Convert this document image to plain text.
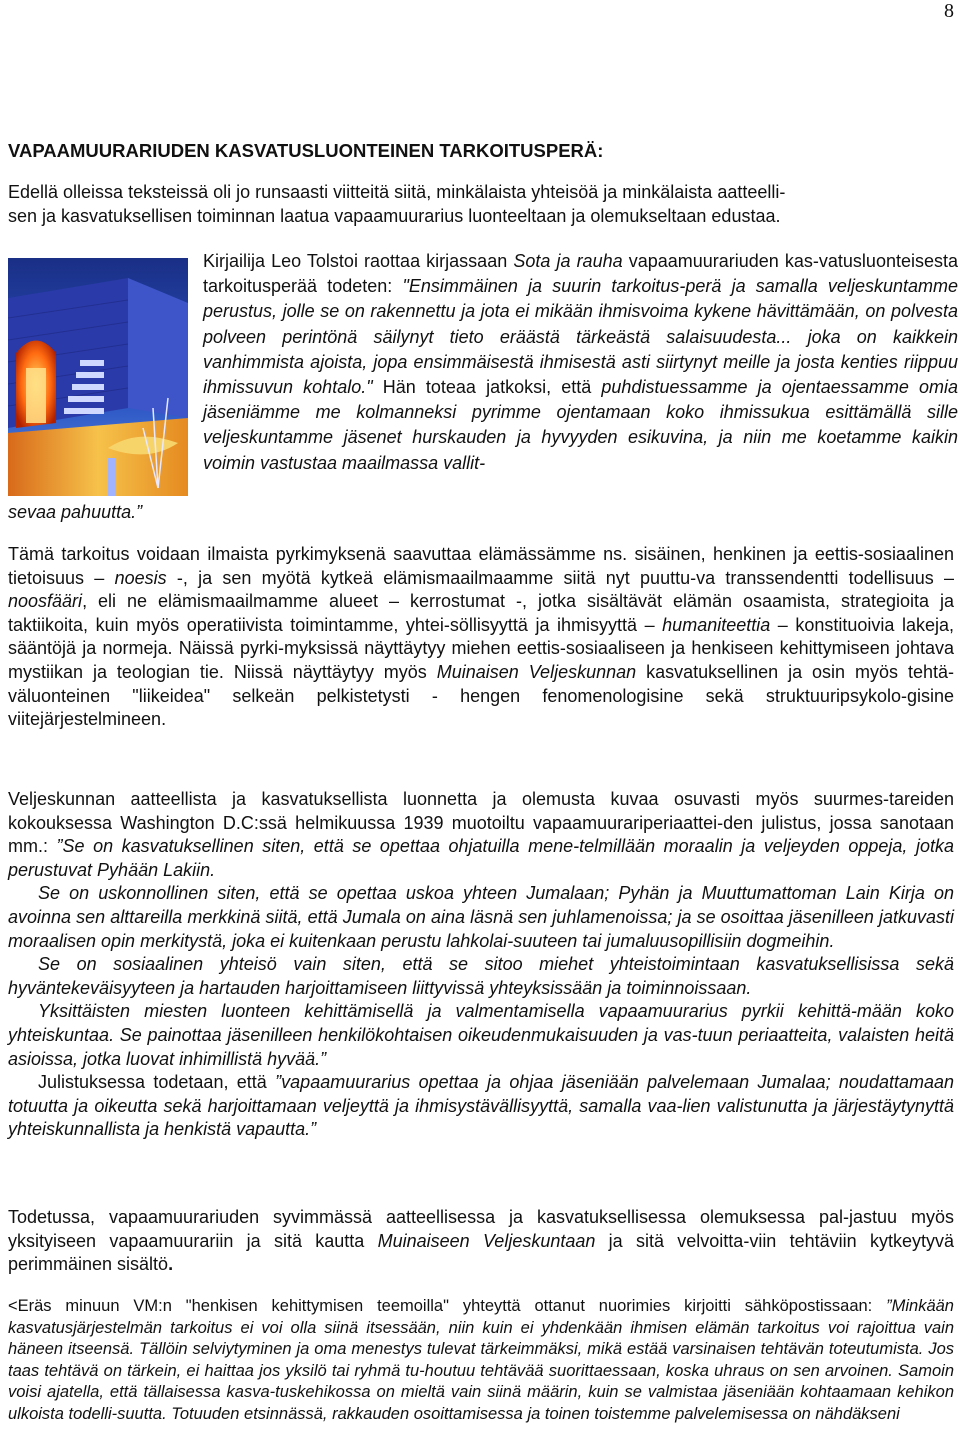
8
VAPAAMUURARIUDEN KASVATUSLUONTEINEN TARKOITUSPERÄ:

Edellä olleissa teksteissä oli jo runsaasti viitteitä siitä, minkälaista yhteisöä ja minkälaista aatteelli-

sen ja kasvatuksellisen toiminnan laatua vapaamuurarius luonteeltaan ja olemukseltaan edustaa.

Kirjailija Leo Tolstoi raottaa kirjassaan Sota ja rauha vapaamuurariuden kas-vatusluonteisesta tarkoitusperää todeten: "Ensimmäinen ja suurin tarkoitus-perä ja samalla veljeskuntamme perustus, jolle se on rakennettu ja jota ei mikään ihmisvoima kykene hävittämään, on polvesta polveen perintönä säilynyt tieto eräästä tärkeästä salaisuudesta... joka on kaikkein vanhimmista ajoista, jopa ensimmäisestä ihmisestä asti siirtynyt meille ja josta kenties riippuu ihmissuvun kohtalo." Hän toteaa jatkoksi, että puhdistuessamme ja ojentaessamme omia jäseniämme me kolmanneksi pyrimme ojentamaan koko ihmissukua esittämällä sille veljeskuntamme jäsenet hurskauden ja hyvyyden esikuvina, ja niin me koetamme kaikin voimin vastustaa maailmassa vallit-
sevaa pahuutta.”
Tämä tarkoitus voidaan ilmaista pyrkimyksenä saavuttaa elämässämme ns. sisäinen, henkinen ja eettis-sosiaalinen tietoisuus – noesis -, ja sen myötä kytkeä elämismaailmaamme siitä nyt puuttu-va transsendentti todellisuus – noosfääri, eli ne elämismaailmamme alueet – kerrostumat -, jotka sisältävät elämän osaamista, strategioita ja taktiikoita, kuin myös operatiivista toimintamme, yhtei-söllisyyttä ja ihmisyyttä – humaniteettia – konstituoivia lakeja, sääntöjä ja normeja. Näissä pyrki-myksissä näyttäytyy miehen eettis-sosiaaliseen ja henkiseen kehittymiseen johtava mystiikan ja teologian tie. Niissä näyttäytyy myös Muinaisen Veljeskunnan kasvatuksellinen ja osin myös tehtä-väluonteinen "liikeidea" selkeän pelkistetysti - hengen fenomenologisine sekä struktuuripsykolo-gisine viitejärjestelmineen.

Veljeskunnan aatteellista ja kasvatuksellista luonnetta ja olemusta kuvaa osuvasti myös suurmes-tareiden kokouksessa Washington D.C:ssä helmikuussa 1939 muotoiltu vapaamuurariperiaattei-den julistus, jossa sanotaan mm.: ”Se on kasvatuksellinen siten, että se opettaa ohjatuilla mene-telmillään moraalin ja veljeyden oppeja, jotka perustuvat Pyhään Lakiin.

Se on uskonnollinen siten, että se opettaa uskoa yhteen Jumalaan; Pyhän ja Muuttumattoman Lain Kirja on avoinna sen alttareilla merkkinä siitä, että Jumala on aina läsnä sen juhlamenoissa; ja se osoittaa jäsenilleen jatkuvasti moraalisen opin merkitystä, joka ei kuitenkaan perustu lahkolai-suuteen tai jumaluusopillisiin dogmeihin.

Se on sosiaalinen yhteisö vain siten, että se sitoo miehet yhteistoimintaan kasvatuksellisissa sekä hyväntekeväisyyteen ja hartauden harjoittamiseen liittyvissä yhteyksissään ja toiminnoissaan.

Yksittäisten miesten luonteen kehittämisellä ja valmentamisella vapaamuurarius pyrkii kehittä-mään koko yhteiskuntaa. Se painottaa jäsenilleen henkilökohtaisen oikeudenmukaisuuden ja vas-tuun periaatteita, valaisten heitä asioissa, jotka luovat inhimillistä hyvää.”

Julistuksessa todetaan, että ”vapaamuurarius opettaa ja ohjaa jäseniään palvelemaan Jumalaa; noudattamaan totuutta ja oikeutta sekä harjoittamaan veljeyttä ja ihmisystävällisyyttä, samalla vaa-lien valistunutta ja järjestäytynyttä yhteiskunnallista ja henkistä vapautta.”

Todetussa, vapaamuurariuden syvimmässä aatteellisessa ja kasvatuksellisessa olemuksessa pal-jastuu myös yksityiseen vapaamuurariin ja sitä kautta Muinaiseen Veljeskuntaan ja sitä velvoitta-viin tehtäviin kytkeytyvä perimmäinen sisältö.
<Eräs minuun VM:n "henkisen kehittymisen teemoilla" yhteyttä ottanut nuorimies kirjoitti sähköpostissaan: ”Minkään kasvatusjärjestelmän tarkoitus ei voi olla siinä itsessään, niin kuin ei yhdenkään ihmisen elämän tarkoitus voi rajoittua vain häneen itseensä. Tällöin selviytyminen ja oma menestys tulevat tärkeimmäksi, mikä estää varsinaisen tehtävän toteutumista. Jos taas tehtävä on tärkein, ei haittaa jos yksilö tai ryhmä tu-houtuu tehtävää suorittaessaan, koska uhraus on sen arvoinen. Samoin voisi ajatella, että tällaisessa kasva-tuskehikossa on mieltä vain siinä määrin, kuin se valmistaa jäseniään kohtaamaan kehikon ulkoista todelli-suutta. Totuuden etsinnässä, rakkauden osoittamisessa ja toinen toistemme palvelemisessa on nähdäkseni
